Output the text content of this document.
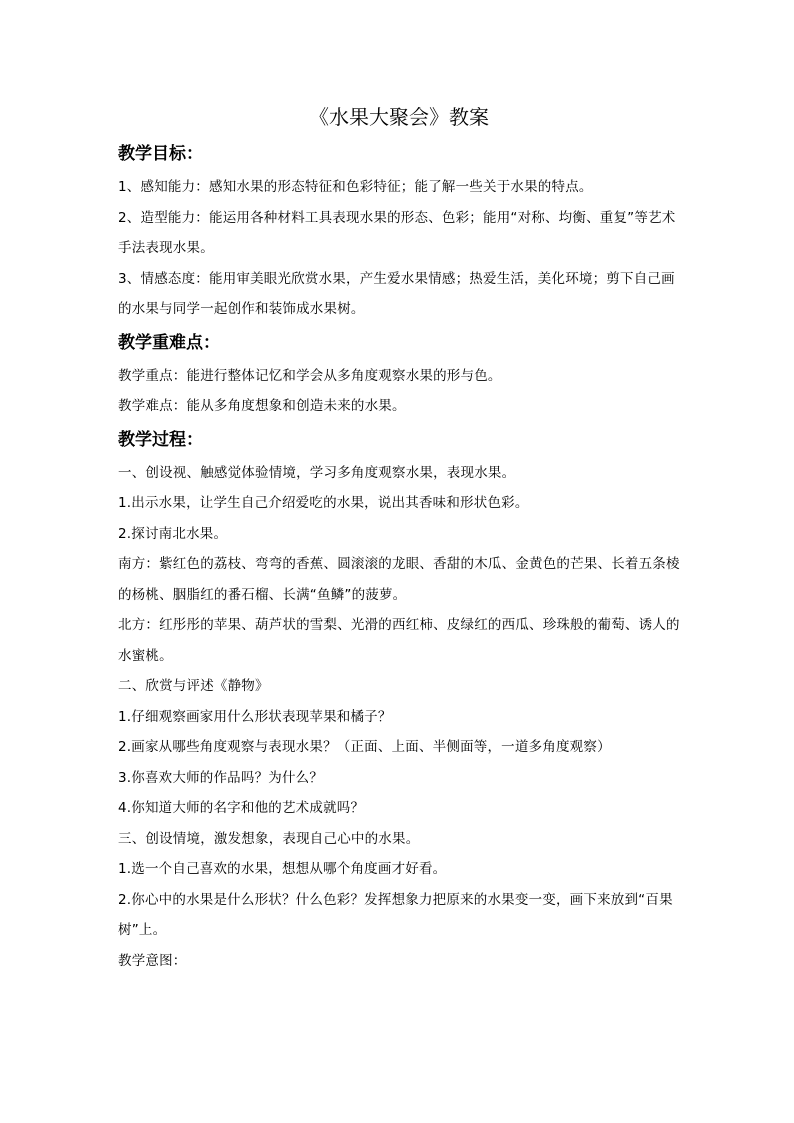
《水果大聚会》教案
教学目标：

1、感知能力：感知水果的形态特征和色彩特征；能了解一些关于水果的特点。

2、造型能力：能运用各种材料工具表现水果的形态、色彩；能用“对称、均衡、重复”等艺术手法表现水果。

3、情感态度：能用审美眼光欣赏水果，产生爱水果情感；热爱生活，美化环境；剪下自己画的水果与同学一起创作和装饰成水果树。

教学重难点：

教学重点：能进行整体记忆和学会从多角度观察水果的形与色。

教学难点：能从多角度想象和创造未来的水果。

教学过程：

一、创设视、触感觉体验情境，学习多角度观察水果，表现水果。

1.出示水果，让学生自己介绍爱吃的水果，说出其香味和形状色彩。

2.探讨南北水果。

南方：紫红色的荔枝、弯弯的香蕉、圆滚滚的龙眼、香甜的木瓜、金黄色的芒果、长着五条棱的杨桃、胭脂红的番石榴、长满“鱼鳞”的菠萝。

北方：红彤彤的苹果、葫芦状的雪梨、光滑的西红柿、皮绿红的西瓜、珍珠般的葡萄、诱人的水蜜桃。

二、欣赏与评述《静物》

1.仔细观察画家用什么形状表现苹果和橘子？

2.画家从哪些角度观察与表现水果？（正面、上面、半侧面等，一道多角度观察）

3.你喜欢大师的作品吗？为什么？

4.你知道大师的名字和他的艺术成就吗？

三、创设情境，激发想象，表现自己心中的水果。

1.选一个自己喜欢的水果，想想从哪个角度画才好看。

2.你心中的水果是什么形状？什么色彩？发挥想象力把原来的水果变一变，画下来放到“百果树”上。

教学意图：
